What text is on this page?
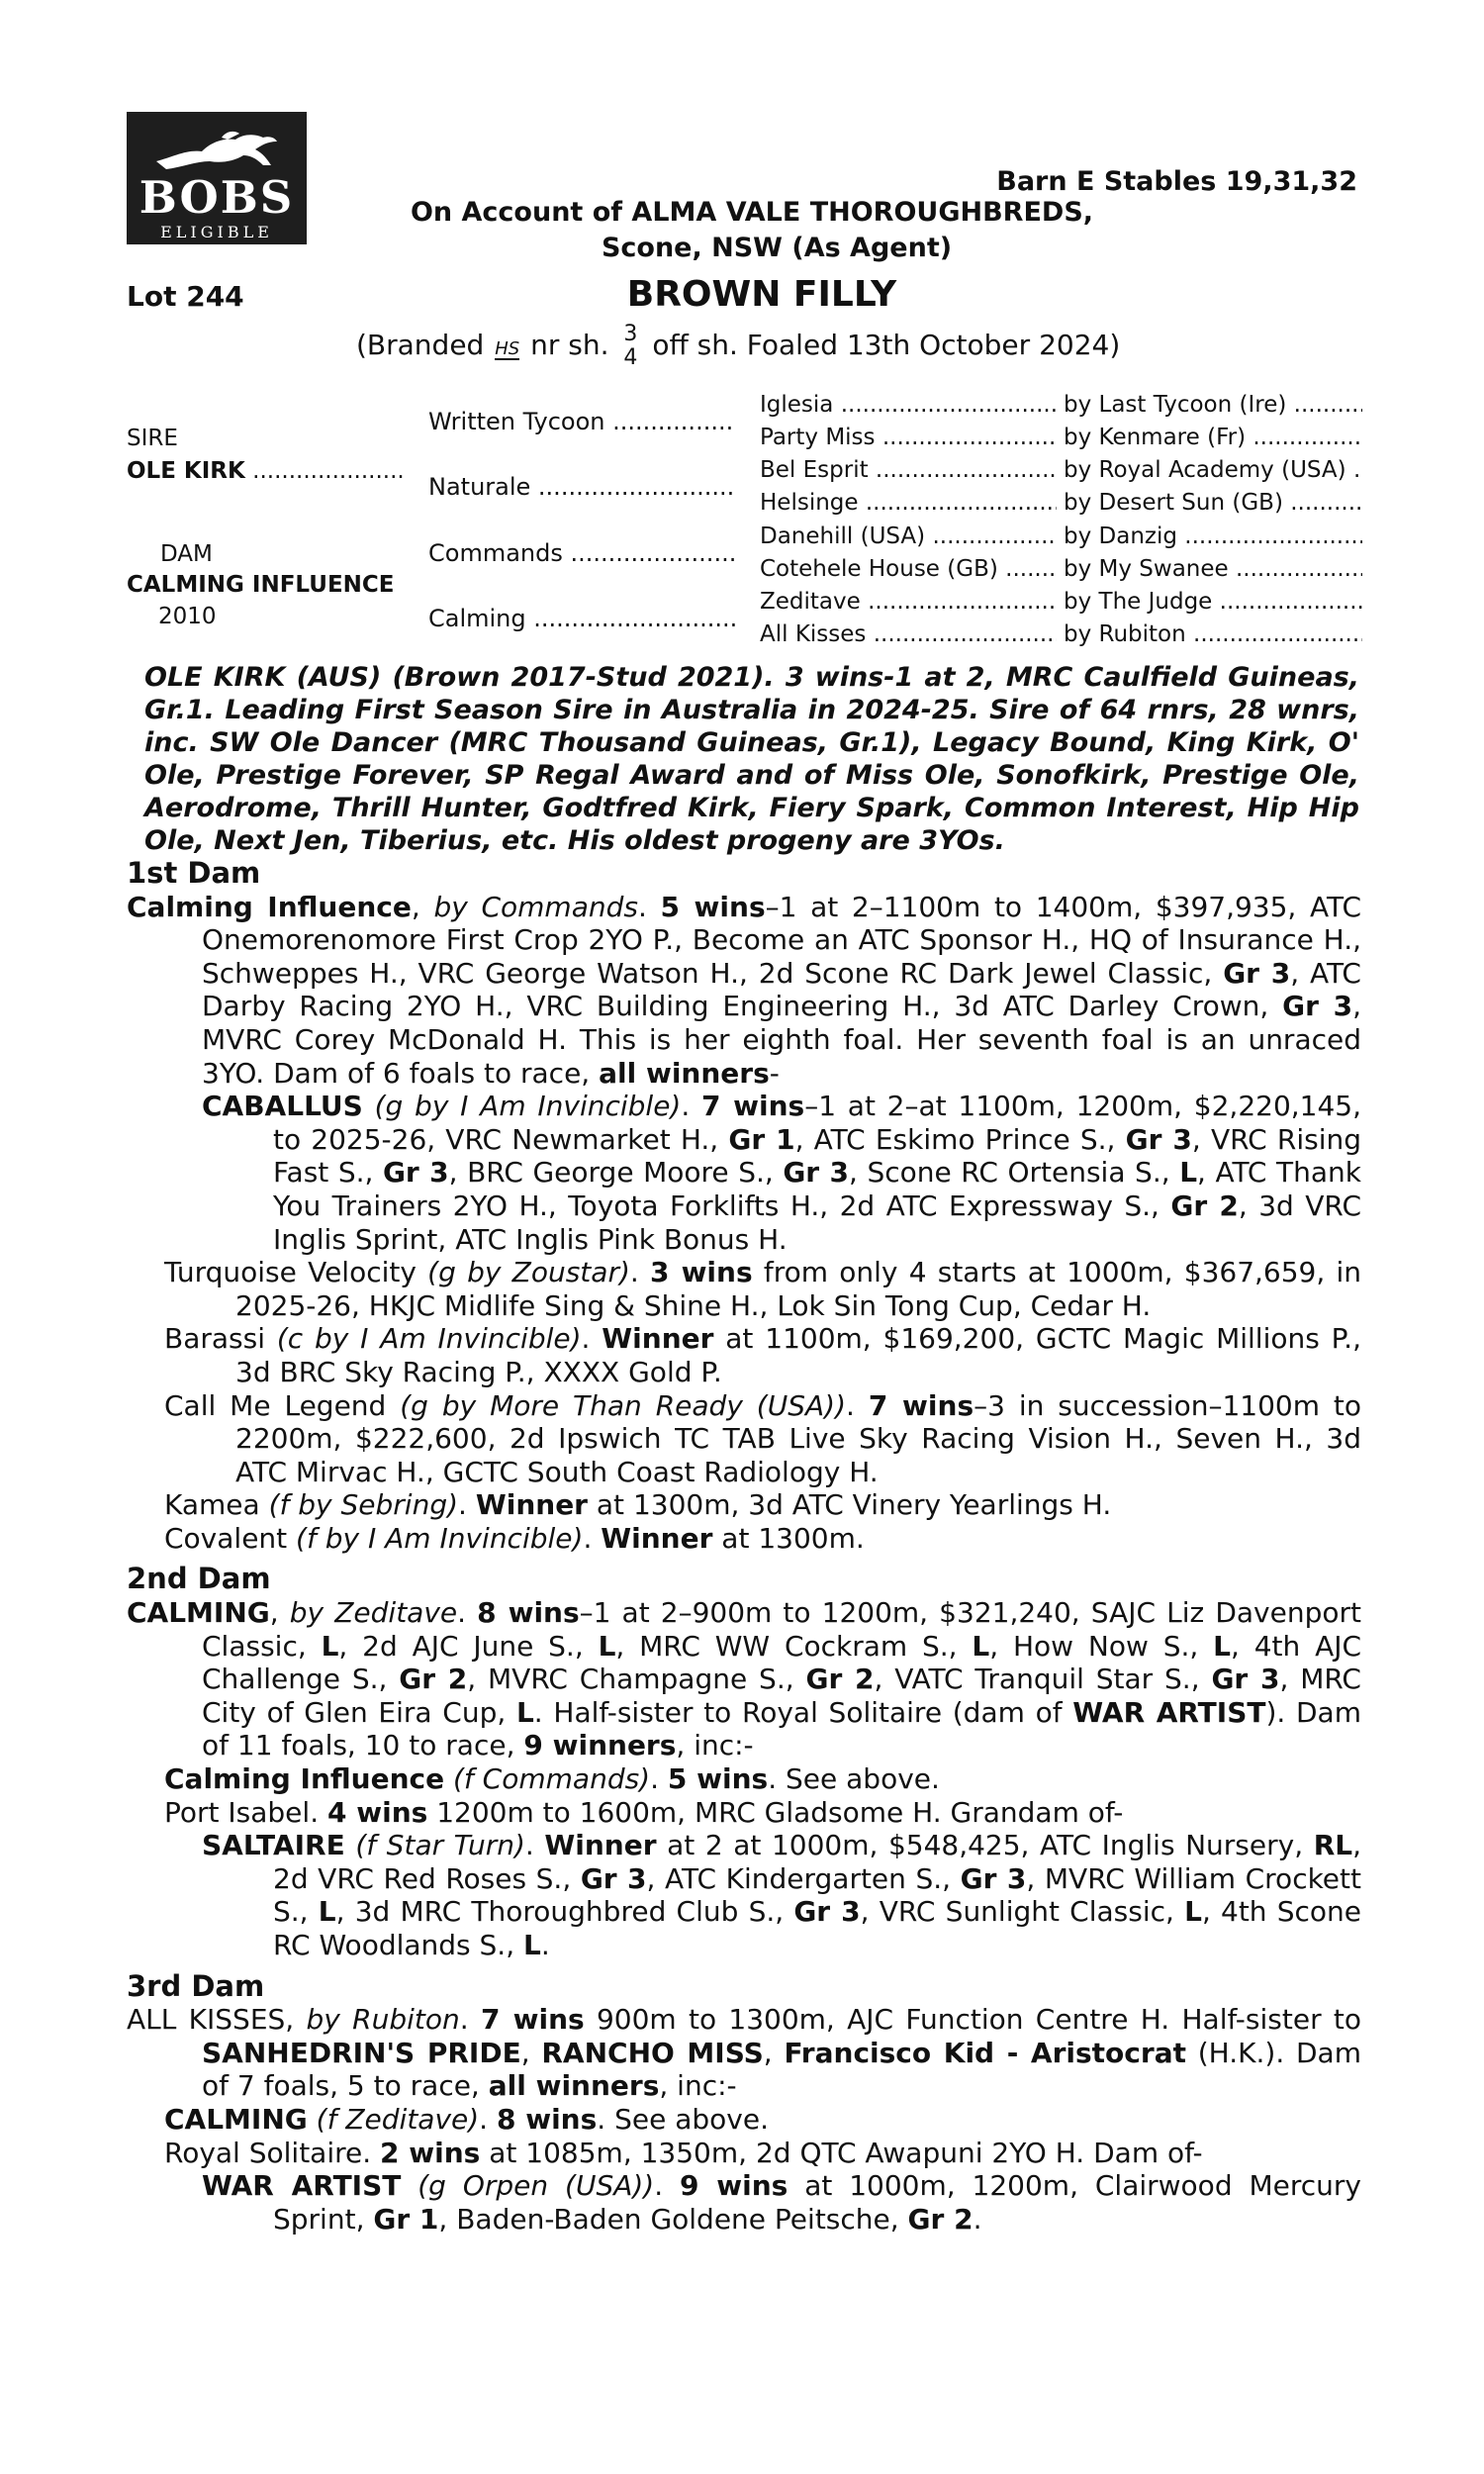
BOBS
ELIGIBLE
Barn E Stables 19,31,32
On Account of ALMA VALE THOROUGHBREDS,
Scone, NSW (As Agent)
Lot 244	BROWN FILLY
(Branded HS nr sh. 3
4 off sh. Foaled 13th October 2024)
SIRE
OLE KIRK .....
DAM
CALMING INFLUENCE
2010
Written Tycoon .....
Naturale .....
Commands .....
Calming .....
Iglesia .....
Party Miss .....
Bel Esprit .....
Helsinge .....
Danehill (USA) .....
Cotehele House (GB) .....
Zeditave .....
All Kisses .....
by Last Tycoon (Ire) .....
by Kenmare (Fr) .....
by Royal Academy (USA) .....
by Desert Sun (GB) .....
by Danzig .....
by My Swanee .....
by The Judge .....
by Rubiton .....
OLE KIRK (AUS) (Brown 2017-Stud 2021). 3 wins-1 at 2, MRC Caulfield Guineas, Gr.1. Leading First Season Sire in Australia in 2024-25. Sire of 64 rnrs, 28 wnrs, inc. SW Ole Dancer (MRC Thousand Guineas, Gr.1), Legacy Bound, King Kirk, O' Ole, Prestige Forever, SP Regal Award and of Miss Ole, Sonofkirk, Prestige Ole, Aerodrome, Thrill Hunter, Godtfred Kirk, Fiery Spark, Common Interest, Hip Hip Ole, Next Jen, Tiberius, etc. His oldest progeny are 3YOs.

1st Dam

Calming Influence, by Commands. 5 wins–1 at 2–1100m to 1400m, $397,935, ATC Onemorenomore First Crop 2YO P., Become an ATC Sponsor H., HQ of Insurance H., Schweppes H., VRC George Watson H., 2d Scone RC Dark Jewel Classic, Gr 3, ATC Darby Racing 2YO H., VRC Building Engineering H., 3d ATC Darley Crown, Gr 3, MVRC Corey McDonald H. This is her eighth foal. Her seventh foal is an unraced 3YO. Dam of 6 foals to race, all winners-

CABALLUS (g by I Am Invincible). 7 wins–1 at 2–at 1100m, 1200m, $2,220,145, to 2025-26, VRC Newmarket H., Gr 1, ATC Eskimo Prince S., Gr 3, VRC Rising Fast S., Gr 3, BRC George Moore S., Gr 3, Scone RC Ortensia S., L, ATC Thank You Trainers 2YO H., Toyota Forklifts H., 2d ATC Expressway S., Gr 2, 3d VRC Inglis Sprint, ATC Inglis Pink Bonus H.

Turquoise Velocity (g by Zoustar). 3 wins from only 4 starts at 1000m, $367,659, in 2025-26, HKJC Midlife Sing & Shine H., Lok Sin Tong Cup, Cedar H.

Barassi (c by I Am Invincible). Winner at 1100m, $169,200, GCTC Magic Millions P., 3d BRC Sky Racing P., XXXX Gold P.

Call Me Legend (g by More Than Ready (USA)). 7 wins–3 in succession–1100m to 2200m, $222,600, 2d Ipswich TC TAB Live Sky Racing Vision H., Seven H., 3d ATC Mirvac H., GCTC South Coast Radiology H.

Kamea (f by Sebring). Winner at 1300m, 3d ATC Vinery Yearlings H.

Covalent (f by I Am Invincible). Winner at 1300m.

2nd Dam

CALMING, by Zeditave. 8 wins–1 at 2–900m to 1200m, $321,240, SAJC Liz Davenport Classic, L, 2d AJC June S., L, MRC WW Cockram S., L, How Now S., L, 4th AJC Challenge S., Gr 2, MVRC Champagne S., Gr 2, VATC Tranquil Star S., Gr 3, MRC City of Glen Eira Cup, L. Half-sister to Royal Solitaire (dam of WAR ARTIST). Dam of 11 foals, 10 to race, 9 winners, inc:-

Calming Influence (f Commands). 5 wins. See above.

Port Isabel. 4 wins 1200m to 1600m, MRC Gladsome H. Grandam of-

SALTAIRE (f Star Turn). Winner at 2 at 1000m, $548,425, ATC Inglis Nursery, RL, 2d VRC Red Roses S., Gr 3, ATC Kindergarten S., Gr 3, MVRC William Crockett S., L, 3d MRC Thoroughbred Club S., Gr 3, VRC Sunlight Classic, L, 4th Scone RC Woodlands S., L.

3rd Dam

ALL KISSES, by Rubiton. 7 wins 900m to 1300m, AJC Function Centre H. Half-sister to SANHEDRIN'S PRIDE, RANCHO MISS, Francisco Kid - Aristocrat (H.K.). Dam of 7 foals, 5 to race, all winners, inc:-

CALMING (f Zeditave). 8 wins. See above.

Royal Solitaire. 2 wins at 1085m, 1350m, 2d QTC Awapuni 2YO H. Dam of-

WAR ARTIST (g Orpen (USA)). 9 wins at 1000m, 1200m, Clairwood Mercury Sprint, Gr 1, Baden-Baden Goldene Peitsche, Gr 2.
